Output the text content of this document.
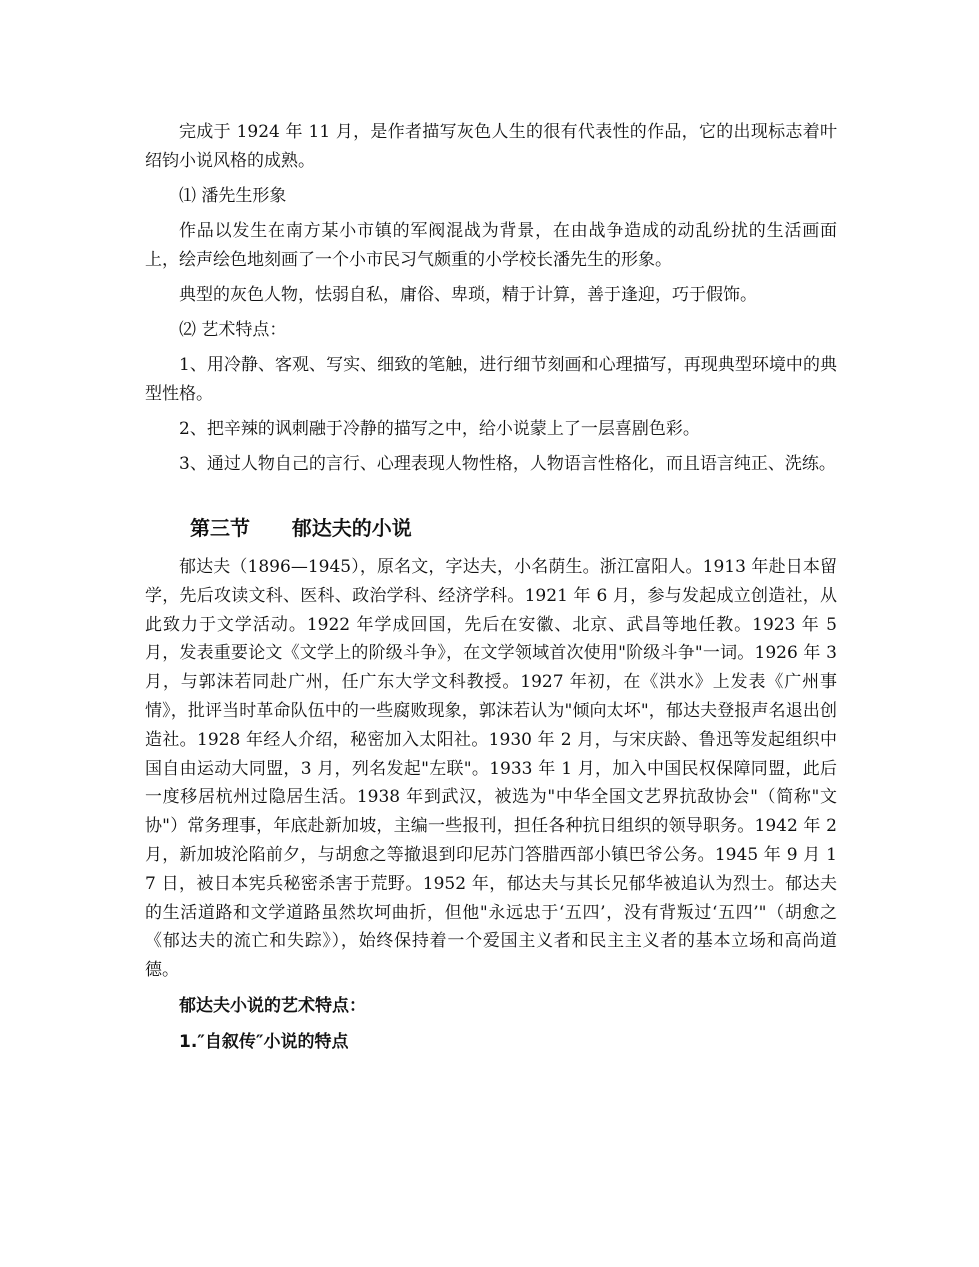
完成于 1924 年 11 月，是作者描写灰色人生的很有代表性的作品，它的出现标志着叶绍钧小说风格的成熟。

⑴ 潘先生形象

作品以发生在南方某小市镇的军阀混战为背景，在由战争造成的动乱纷扰的生活画面上，绘声绘色地刻画了一个小市民习气颇重的小学校长潘先生的形象。

典型的灰色人物，怯弱自私，庸俗、卑琐，精于计算，善于逢迎，巧于假饰。

⑵ 艺术特点：

1、用冷静、客观、写实、细致的笔触，进行细节刻画和心理描写，再现典型环境中的典型性格。

2、把辛辣的讽刺融于冷静的描写之中，给小说蒙上了一层喜剧色彩。

3、通过人物自己的言行、心理表现人物性格，人物语言性格化，而且语言纯正、洗练。

第三节      郁达夫的小说

郁达夫（1896—1945），原名文，字达夫，小名荫生。浙江富阳人。1913 年赴日本留学，先后攻读文科、医科、政治学科、经济学科。1921 年 6 月，参与发起成立创造社，从此致力于文学活动。1922 年学成回国，先后在安徽、北京、武昌等地任教。1923 年 5 月，发表重要论文《文学上的阶级斗争》，在文学领域首次使用"阶级斗争"一词。1926 年 3 月，与郭沫若同赴广州，任广东大学文科教授。1927 年初，在《洪水》上发表《广州事情》，批评当时革命队伍中的一些腐败现象，郭沫若认为"倾向太坏"，郁达夫登报声名退出创造社。1928 年经人介绍，秘密加入太阳社。1930 年 2 月，与宋庆龄、鲁迅等发起组织中国自由运动大同盟，3 月，列名发起"左联"。1933 年 1 月，加入中国民权保障同盟，此后一度移居杭州过隐居生活。1938 年到武汉，被选为"中华全国文艺界抗敌协会"（简称"文协"）常务理事，年底赴新加坡，主编一些报刊，担任各种抗日组织的领导职务。1942 年 2 月，新加坡沦陷前夕，与胡愈之等撤退到印尼苏门答腊西部小镇巴爷公务。1945 年 9 月 17 日，被日本宪兵秘密杀害于荒野。1952 年，郁达夫与其长兄郁华被追认为烈士。郁达夫的生活道路和文学道路虽然坎坷曲折，但他"永远忠于‘五四’，没有背叛过‘五四’"（胡愈之《郁达夫的流亡和失踪》），始终保持着一个爱国主义者和民主主义者的基本立场和高尚道德。

郁达夫小说的艺术特点：

1.″自叙传″小说的特点
